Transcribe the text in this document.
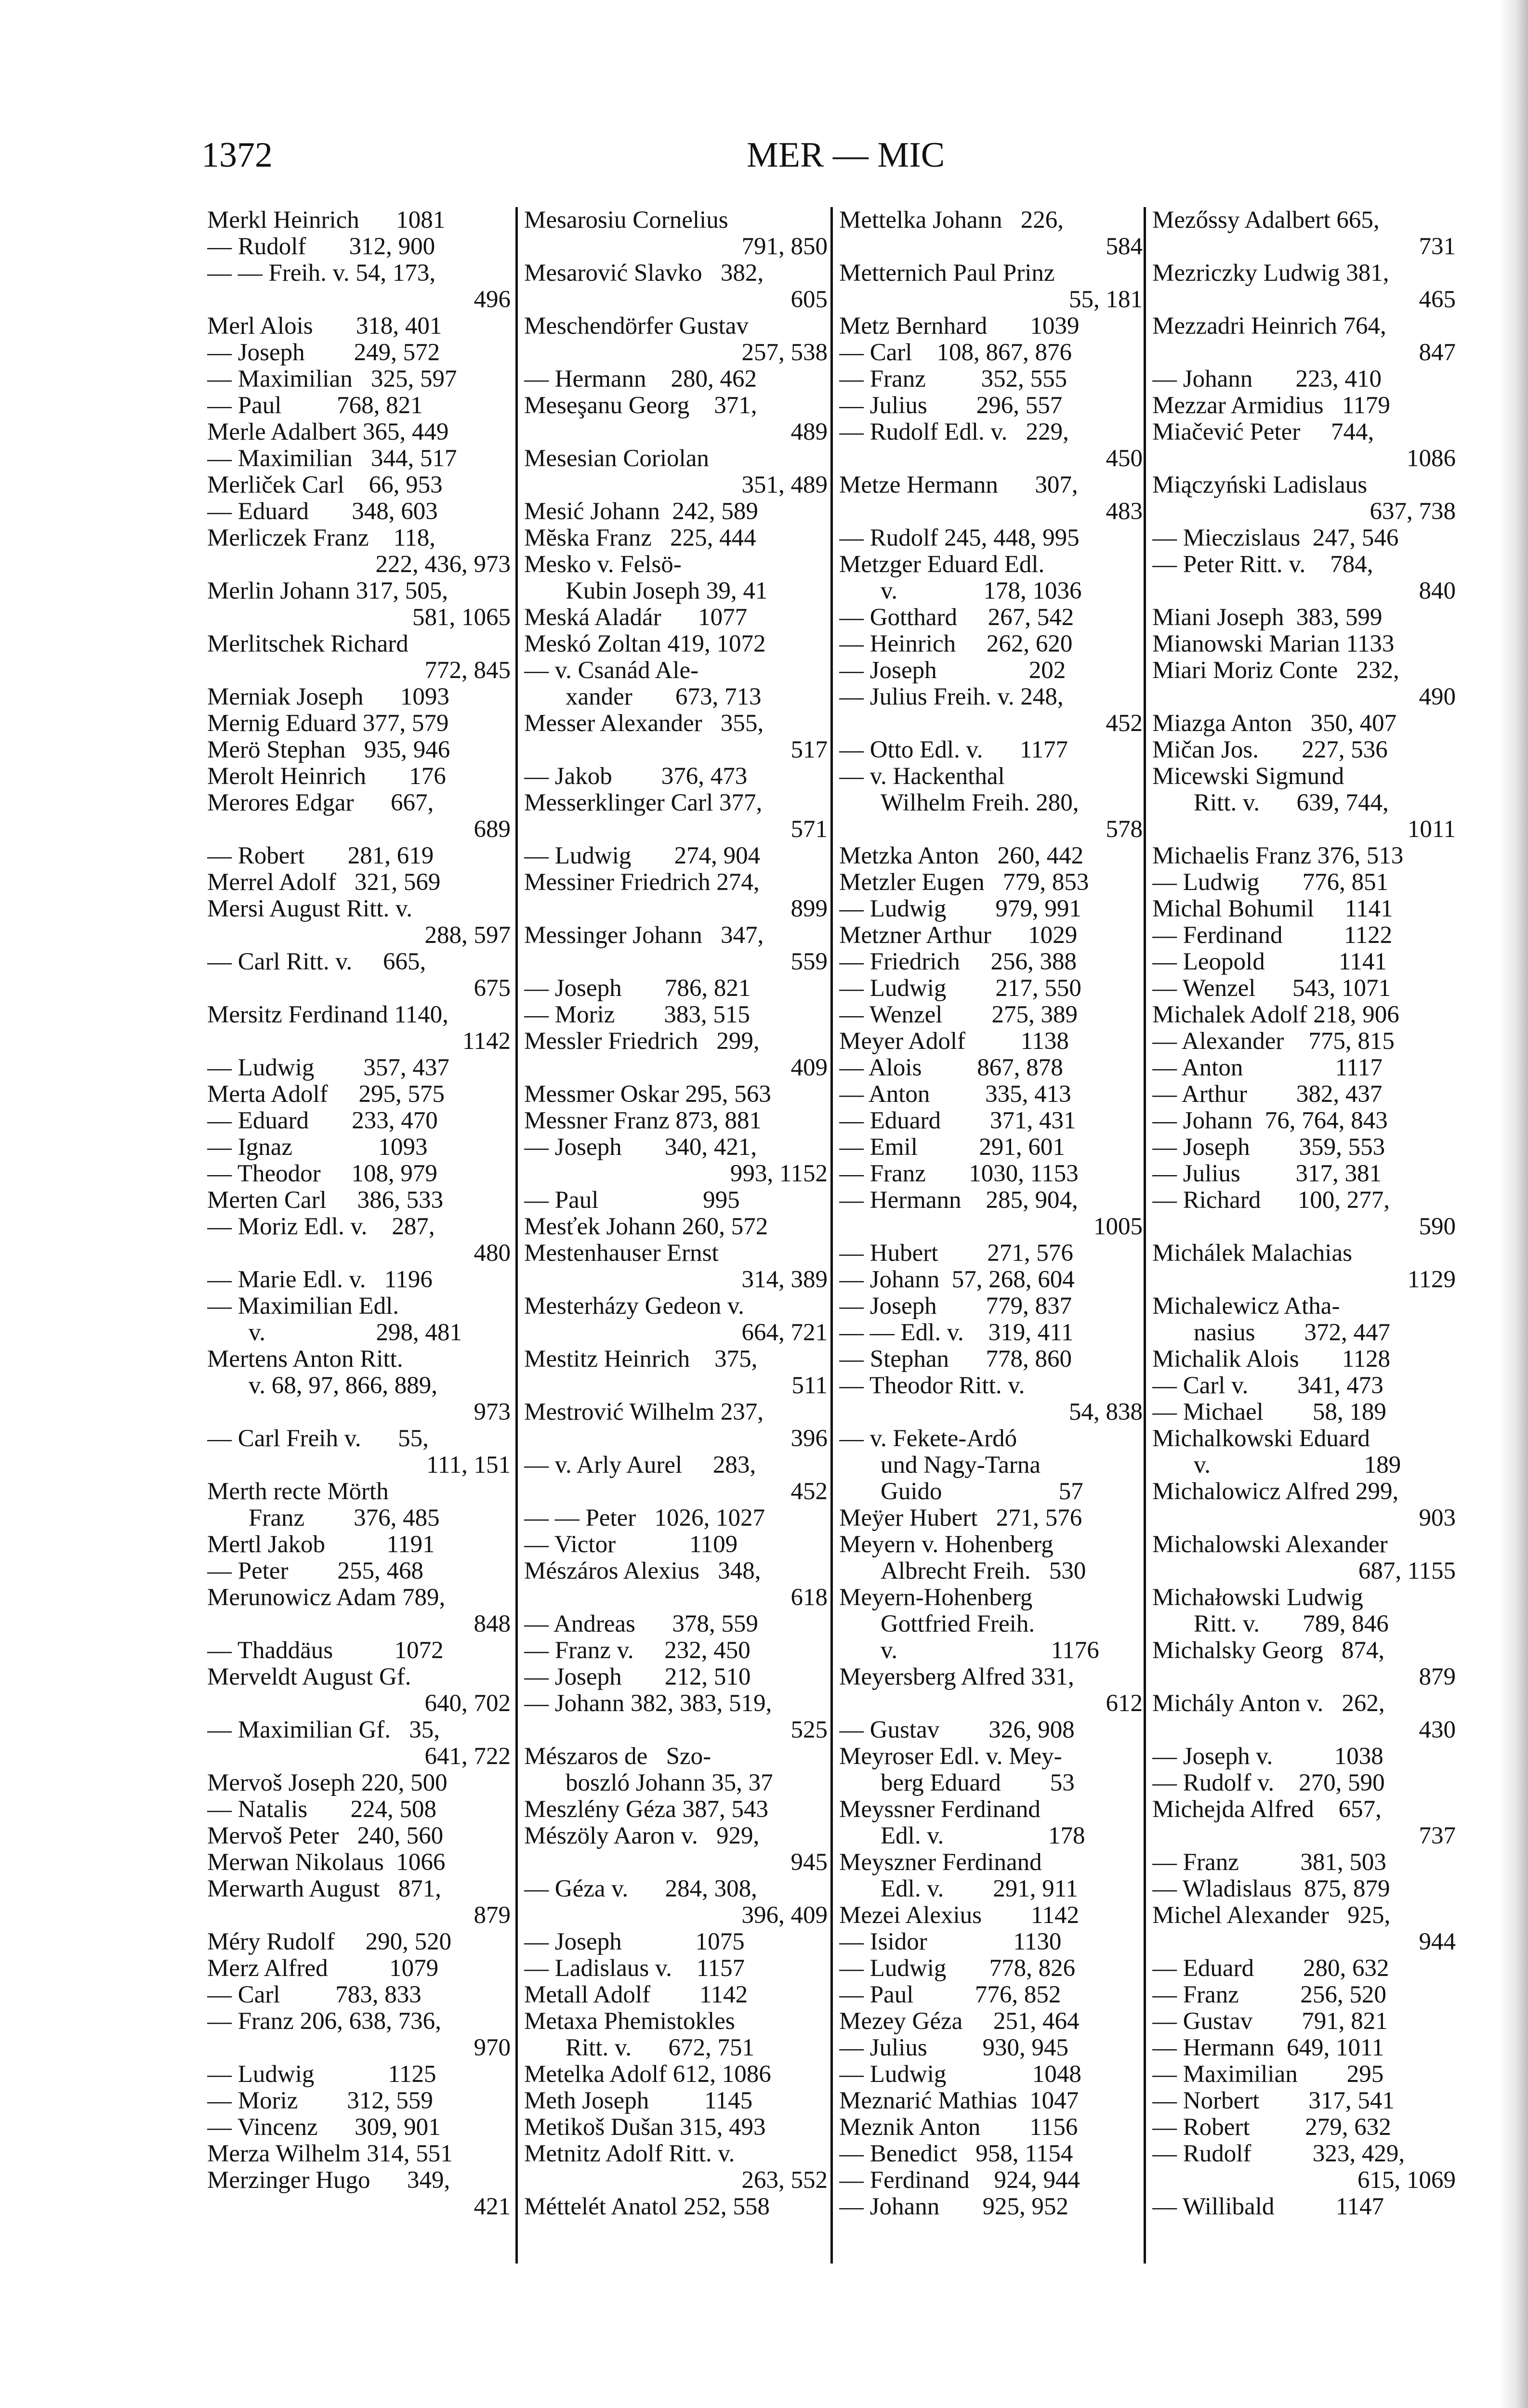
1372	MER — MIC
Merkl Heinrich      1081
— Rudolf       312, 900
— — Freih. v. 54, 173,
496
Merl Alois       318, 401
— Joseph        249, 572
— Maximilian   325, 597
— Paul         768, 821
Merle Adalbert 365, 449
— Maximilian   344, 517
Merliček Carl    66, 953
— Eduard       348, 603
Merliczek Franz    118,
222, 436, 973
Merlin Johann 317, 505,
581, 1065
Merlitschek Richard
772, 845
Merniak Joseph      1093
Mernig Eduard 377, 579
Merö Stephan   935, 946
Merolt Heinrich       176
Merores Edgar      667,
689
— Robert       281, 619
Merrel Adolf   321, 569
Mersi August Ritt. v.
288, 597
— Carl Ritt. v.     665,
675
Mersitz Ferdinand 1140,
1142
— Ludwig        357, 437
Merta Adolf     295, 575
— Eduard       233, 470
— Ignaz              1093
— Theodor     108, 979
Merten Carl     386, 533
— Moriz Edl. v.    287,
480
— Marie Edl. v.   1196
— Maximilian Edl.
v.                  298, 481
Mertens Anton Ritt.
v. 68, 97, 866, 889,
973
— Carl Freih v.      55,
111, 151
Merth recte Mörth
Franz        376, 485
Mertl Jakob          1191
— Peter        255, 468
Merunowicz Adam 789,
848
— Thaddäus          1072
Merveldt August Gf.
640, 702
— Maximilian Gf.   35,
641, 722
Mervoš Joseph 220, 500
— Natalis       224, 508
Mervoš Peter   240, 560
Merwan Nikolaus  1066
Merwarth August   871,
879
Méry Rudolf     290, 520
Merz Alfred          1079
— Carl         783, 833
— Franz 206, 638, 736,
970
— Ludwig            1125
— Moriz        312, 559
— Vincenz      309, 901
Merza Wilhelm 314, 551
Merzinger Hugo      349,
421
Mesarosiu Cornelius
791, 850
Mesarović Slavko   382,
605
Meschendörfer Gustav
257, 538
— Hermann    280, 462
Meseşanu Georg    371,
489
Mesesian Coriolan
351, 489
Mesić Johann  242, 589
Mĕska Franz   225, 444
Mesko v. Felsö-
Kubin Joseph 39, 41
Meská Aladár      1077
Meskó Zoltan 419, 1072
— v. Csanád Ale-
xander       673, 713
Messer Alexander   355,
517
— Jakob        376, 473
Messerklinger Carl 377,
571
— Ludwig       274, 904
Messiner Friedrich 274,
899
Messinger Johann   347,
559
— Joseph       786, 821
— Moriz        383, 515
Messler Friedrich   299,
409
Messmer Oskar 295, 563
Messner Franz 873, 881
— Joseph       340, 421,
993, 1152
— Paul                 995
Mesťek Johann 260, 572
Mestenhauser Ernst
314, 389
Mesterházy Gedeon v.
664, 721
Mestitz Heinrich    375,
511
Mestrović Wilhelm 237,
396
— v. Arly Aurel     283,
452
— — Peter   1026, 1027
— Victor            1109
Mészáros Alexius   348,
618
— Andreas      378, 559
— Franz v.     232, 450
— Joseph       212, 510
— Johann 382, 383, 519,
525
Mészaros de   Szo-
boszló Johann 35, 37
Meszlény Géza 387, 543
Mészöly Aaron v.   929,
945
— Géza v.      284, 308,
396, 409
— Joseph            1075
— Ladislaus v.    1157
Metall Adolf        1142
Metaxa Phemistokles
Ritt. v.      672, 751
Metelka Adolf 612, 1086
Meth Joseph         1145
Metikoš Dušan 315, 493
Metnitz Adolf Ritt. v.
263, 552
Méttelét Anatol 252, 558
Mettelka Johann   226,
584
Metternich Paul Prinz
55, 181
Metz Bernhard       1039
— Carl    108, 867, 876
— Franz         352, 555
— Julius        296, 557
— Rudolf Edl. v.   229,
450
Metze Hermann      307,
483
— Rudolf 245, 448, 995
Metzger Eduard Edl.
v.              178, 1036
— Gotthard     267, 542
— Heinrich     262, 620
— Joseph               202
— Julius Freih. v. 248,
452
— Otto Edl. v.      1177
— v. Hackenthal
Wilhelm Freih. 280,
578
Metzka Anton   260, 442
Metzler Eugen   779, 853
— Ludwig        979, 991
Metzner Arthur      1029
— Friedrich     256, 388
— Ludwig        217, 550
— Wenzel        275, 389
Meyer Adolf         1138
— Alois         867, 878
— Anton         335, 413
— Eduard        371, 431
— Emil          291, 601
— Franz       1030, 1153
— Hermann    285, 904,
1005
— Hubert        271, 576
— Johann  57, 268, 604
— Joseph        779, 837
— — Edl. v.    319, 411
— Stephan      778, 860
— Theodor Ritt. v.
54, 838
— v. Fekete-Ardó
und Nagy-Tarna
Guido                   57
Meÿer Hubert   271, 576
Meyern v. Hohenberg
Albrecht Freih.   530
Meyern-Hohenberg
Gottfried Freih.
v.                         1176
Meyersberg Alfred 331,
612
— Gustav        326, 908
Meyroser Edl. v. Mey-
berg Eduard        53
Meyssner Ferdinand
Edl. v.                 178
Meyszner Ferdinand
Edl. v.        291, 911
Mezei Alexius        1142
— Isidor              1130
— Ludwig       778, 826
— Paul          776, 852
Mezey Géza     251, 464
— Julius         930, 945
— Ludwig              1048
Meznarić Mathias  1047
Meznik Anton        1156
— Benedict   958, 1154
— Ferdinand    924, 944
— Johann       925, 952
Mezőssy Adalbert 665,
731
Mezriczky Ludwig 381,
465
Mezzadri Heinrich 764,
847
— Johann       223, 410
Mezzar Armidius   1179
Miačević Peter     744,
1086
Miączyński Ladislaus
637, 738
— Mieczislaus  247, 546
— Peter Ritt. v.    784,
840
Miani Joseph  383, 599
Mianowski Marian 1133
Miari Moriz Conte   232,
490
Miazga Anton   350, 407
Mičan Jos.       227, 536
Micewski Sigmund
Ritt. v.      639, 744,
1011
Michaelis Franz 376, 513
— Ludwig       776, 851
Michal Bohumil     1141
— Ferdinand          1122
— Leopold            1141
— Wenzel      543, 1071
Michalek Adolf 218, 906
— Alexander    775, 815
— Anton               1117
— Arthur        382, 437
— Johann  76, 764, 843
— Joseph        359, 553
— Julius         317, 381
— Richard      100, 277,
590
Michálek Malachias
1129
Michalewicz Atha-
nasius        372, 447
Michalik Alois       1128
— Carl v.        341, 473
— Michael        58, 189
Michalkowski Eduard
v.                         189
Michalowicz Alfred 299,
903
Michalowski Alexander
687, 1155
Michałowski Ludwig
Ritt. v.       789, 846
Michalsky Georg   874,
879
Michály Anton v.   262,
430
— Joseph v.          1038
— Rudolf v.    270, 590
Michejda Alfred    657,
737
— Franz          381, 503
— Wladislaus  875, 879
Michel Alexander   925,
944
— Eduard        280, 632
— Franz          256, 520
— Gustav        791, 821
— Hermann  649, 1011
— Maximilian        295
— Norbert        317, 541
— Robert         279, 632
— Rudolf          323, 429,
615, 1069
— Willibald          1147
